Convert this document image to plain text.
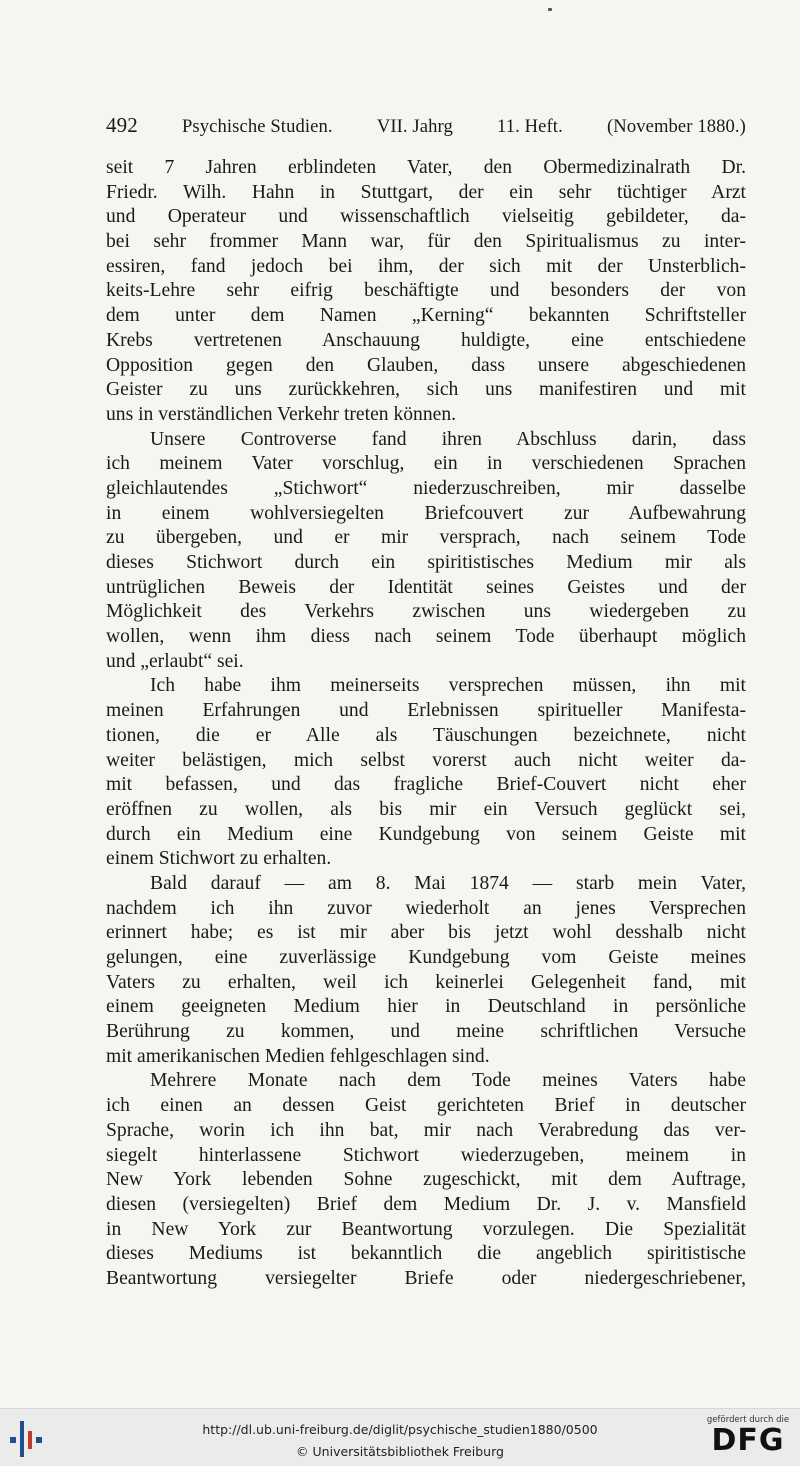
492 Psychische Studien. VII. Jahrg 11. Heft. (November 1880.)
seit 7 Jahren erblindeten Vater, den Obermedizinalrath Dr.
Friedr. Wilh. Hahn in Stuttgart, der ein sehr tüchtiger Arzt
und Operateur und wissenschaftlich vielseitig gebildeter, da-
bei sehr frommer Mann war, für den Spiritualismus zu inter-
essiren, fand jedoch bei ihm, der sich mit der Unsterblich-
keits-Lehre sehr eifrig beschäftigte und besonders der von
dem unter dem Namen „Kerning“ bekannten Schriftsteller
Krebs vertretenen Anschauung huldigte, eine entschiedene
Opposition gegen den Glauben, dass unsere abgeschiedenen
Geister zu uns zurückkehren, sich uns manifestiren und mit
uns in verständlichen Verkehr treten können.
Unsere Controverse fand ihren Abschluss darin, dass
ich meinem Vater vorschlug, ein in verschiedenen Sprachen
gleichlautendes „Stichwort“ niederzuschreiben, mir dasselbe
in einem wohlversiegelten Briefcouvert zur Aufbewahrung
zu übergeben, und er mir versprach, nach seinem Tode
dieses Stichwort durch ein spiritistisches Medium mir als
untrüglichen Beweis der Identität seines Geistes und der
Möglichkeit des Verkehrs zwischen uns wiedergeben zu
wollen, wenn ihm diess nach seinem Tode überhaupt möglich
und „erlaubt“ sei.
Ich habe ihm meinerseits versprechen müssen, ihn mit
meinen Erfahrungen und Erlebnissen spiritueller Manifesta-
tionen, die er Alle als Täuschungen bezeichnete, nicht
weiter belästigen, mich selbst vorerst auch nicht weiter da-
mit befassen, und das fragliche Brief-Couvert nicht eher
eröffnen zu wollen, als bis mir ein Versuch geglückt sei,
durch ein Medium eine Kundgebung von seinem Geiste mit
einem Stichwort zu erhalten.
Bald darauf — am 8. Mai 1874 — starb mein Vater,
nachdem ich ihn zuvor wiederholt an jenes Versprechen
erinnert habe; es ist mir aber bis jetzt wohl desshalb nicht
gelungen, eine zuverlässige Kundgebung vom Geiste meines
Vaters zu erhalten, weil ich keinerlei Gelegenheit fand, mit
einem geeigneten Medium hier in Deutschland in persönliche
Berührung zu kommen, und meine schriftlichen Versuche
mit amerikanischen Medien fehlgeschlagen sind.
Mehrere Monate nach dem Tode meines Vaters habe
ich einen an dessen Geist gerichteten Brief in deutscher
Sprache, worin ich ihn bat, mir nach Verabredung das ver-
siegelt hinterlassene Stichwort wiederzugeben, meinem in
New York lebenden Sohne zugeschickt, mit dem Auftrage,
diesen (versiegelten) Brief dem Medium Dr. J. v. Mansfield
in New York zur Beantwortung vorzulegen. Die Spezialität
dieses Mediums ist bekanntlich die angeblich spiritistische
Beantwortung versiegelter Briefe oder niedergeschriebener,
http://dl.ub.uni-freiburg.de/diglit/psychische_studien1880/0500
© Universitätsbibliothek Freiburg
gefördert durch die
DFG
